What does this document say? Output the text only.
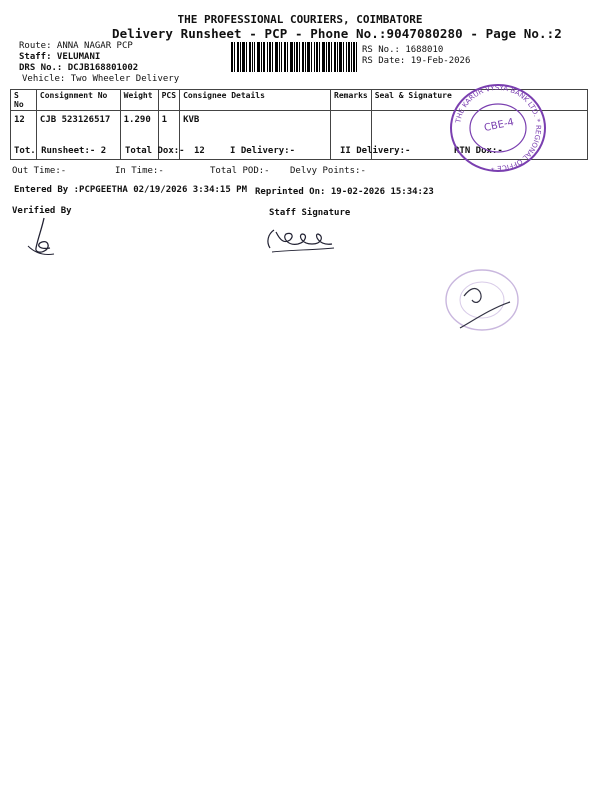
THE PROFESSIONAL COURIERS, COIMBATORE
Delivery Runsheet - PCP - Phone No.:9047080280 - Page No.:2
Route: ANNA NAGAR PCP
Staff: VELUMANI
DRS No.: DCJB168801002
Vehicle: Two Wheeler Delivery
RS No.: 1688010
RS Date: 19-Feb-2026
S No	Consignment No	Weight	PCS	Consignee Details	Remarks	Seal & Signature
12	CJB 523126517	1.290	1	KVB		
Tot. Runsheet:- 2 Total Dox:- 12	I Delivery:-	II Delivery:-	RTN Dox:-
Out Time:-	In Time:-	Total POD:- Delvy Points:-
Entered By :PCPGEETHA 02/19/2026 3:34:15 PM Reprinted On: 19-02-2026 15:34:23
Verified By	Staff Signature
THE KARUR VYSYA BANK LTD. * REGIONAL OFFICE *
CBE-4
